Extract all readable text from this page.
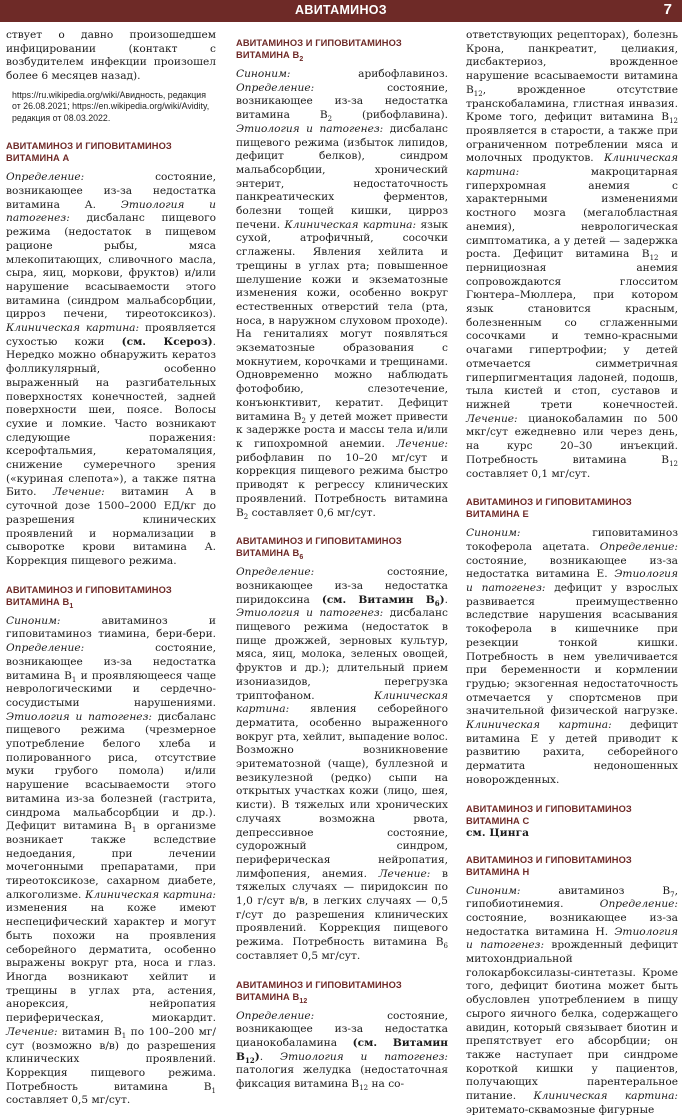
АВИТАМИНОЗ	7

ствует о давно произошедшем инфицировании (контакт с возбудителем инфекции произошел более 6 месяцев назад).

https://ru.wikipedia.org/wiki/Авидность, редакция от 26.08.2021; https://en.wikipedia.org/wiki/Avidity, редакция от 08.03.2022.

АВИТАМИНОЗ И ГИПОВИТАМИНОЗ ВИТАМИНА А

Определение: состояние, возникающее из-за недостатка витамина А. Этиология и патогенез: дисбаланс пищевого режима (недостаток в пищевом рационе рыбы, мяса млекопитающих, сливочного масла, сыра, яиц, моркови, фруктов) и/или нарушение всасываемости этого витамина (синдром мальабсорбции, цирроз печени, тиреотоксикоз). Клиническая картина: проявляется сухостью кожи (см. Ксероз). Нередко можно обнаружить кератоз фолликулярный, особенно выраженный на разгибательных поверхностях конечностей, задней поверхности шеи, поясе. Волосы сухие и ломкие. Часто возникают следующие поражения: ксерофтальмия, кератомаляция, снижение сумеречного зрения («куриная слепота»), а также пятна Бито. Лечение: витамин А в суточной дозе 1500–2000 ЕД/кг до разрешения клинических проявлений и нормализации в сыворотке крови витамина А. Коррекция пищевого режима.

АВИТАМИНОЗ И ГИПОВИТАМИНОЗ ВИТАМИНА $B_1$

Синоним: авитаминоз и гиповитаминоз тиамина, бери-бери. Определение: состояние, возникающее из-за недостатка витамина $B_1$ и проявляющееся чаще неврологическими и сердечно-сосудистыми нарушениями. Этиология и патогенез: дисбаланс пищевого режима (чрезмерное употребление белого хлеба и полированного риса, отсутствие муки грубого помола) и/или нарушение всасываемости этого витамина из-за болезней (гастрита, синдрома мальабсорбции и др.). Дефицит витамина $B_1$ в организме возникает также вследствие недоедания, при лечении мочегонными препаратами, при тиреотоксикозе, сахарном диабете, алкоголизме. Клиническая картина: изменения на коже имеют неспецифический характер и могут быть похожи на проявления себорейного дерматита, особенно выражены вокруг рта, носа и глаз. Иногда возникают хейлит и трещины в углах рта, астения, анорексия, нейропатия периферическая, миокардит. Лечение: витамин $B_1$ по 100–200 мг/сут (возможно в/в) до разрешения клинических проявлений. Коррекция пищевого режима. Потребность витамина $B_1$ составляет 0,5 мг/сут.

АВИТАМИНОЗ И ГИПОВИТАМИНОЗ ВИТАМИНА $B_2$

Синоним: арибофлавиноз. Определение: состояние, возникающее из-за недостатка витамина $B_2$ (рибофлавина). Этиология и патогенез: дисбаланс пищевого режима (избыток липидов, дефицит белков), синдром мальабсорбции, хронический энтерит, недостаточность панкреатических ферментов, болезни тощей кишки, цирроз печени. Клиническая картина: язык сухой, атрофичный, сосочки сглажены. Явления хейлита и трещины в углах рта; повышенное шелушение кожи и экзематозные изменения кожи, особенно вокруг естественных отверстий тела (рта, носа, в наружном слуховом проходе). На гениталиях могут появляться экзематозные образования с мокнутием, корочками и трещинами. Одновременно можно наблюдать фотофобию, слезотечение, конъюнктивит, кератит. Дефицит витамина $B_2$ у детей может привести к задержке роста и массы тела и/или к гипохромной анемии. Лечение: рибофлавин по 10–20 мг/сут и коррекция пищевого режима быстро приводят к регрессу клинических проявлений. Потребность витамина $B_2$ составляет 0,6 мг/сут.

АВИТАМИНОЗ И ГИПОВИТАМИНОЗ ВИТАМИНА $B_6$

Определение: состояние, возникающее из-за недостатка пиридоксина (см. Витамин $B_6$). Этиология и патогенез: дисбаланс пищевого режима (недостаток в пище дрожжей, зерновых культур, мяса, яиц, молока, зеленых овощей, фруктов и др.); длительный прием изониазидов, перегрузка триптофаном. Клиническая картина: явления себорейного дерматита, особенно выраженного вокруг рта, хейлит, выпадение волос. Возможно возникновение эритематозной (чаще), буллезной и везикулезной (редко) сыпи на открытых участках кожи (лицо, шея, кисти). В тяжелых или хронических случаях возможна рвота, депрессивное состояние, судорожный синдром, периферическая нейропатия, лимфопения, анемия. Лечение: в тяжелых случаях — пиридоксин по 1,0 г/сут в/в, в легких случаях — 0,5 г/сут до разрешения клинических проявлений. Коррекция пищевого режима. Потребность витамина $B_6$ составляет 0,5 мг/сут.

АВИТАМИНОЗ И ГИПОВИТАМИНОЗ
ВИТАМИНА $B_{12}$

Определение: состояние, возникающее из-за недостатка цианокобаламина (см. Витамин $B_{12}$). Этиология и патогенез: патология желудка (недостаточная фиксация витамина $B_{12}$ на со-

ответствующих рецепторах), болезнь Крона, панкреатит, целиакия, дисбактериоз, врожденное нарушение всасываемости витамина $B_{12}$, врожденное отсутствие транскобаламина, глистная инвазия. Кроме того, дефицит витамина $B_{12}$ проявляется в старости, а также при ограниченном потреблении мяса и молочных продуктов. Клиническая картина: макроцитарная гиперхромная анемия с характерными изменениями костного мозга (мегалобластная анемия), неврологическая симптоматика, а у детей — задержка роста. Дефицит витамина $B_{12}$ и пернициозная анемия сопровождаются глосситом Гюнтера–Мюллера, при котором язык становится красным, болезненным со сглаженными сосочками и темно-красными очагами гипертрофии; у детей отмечается симметричная гиперпигментация ладоней, подошв, тыла кистей и стоп, суставов и нижней трети конечностей. Лечение: цианокобаламин по 500 мкг/сут ежедневно или через день, на курс 20–30 инъекций. Потребность витамина $B_{12}$ составляет 0,1 мг/сут.

АВИТАМИНОЗ И ГИПОВИТАМИНОЗ ВИТАМИНА E

Синоним: гиповитаминоз токоферола ацетата. Определение: состояние, возникающее из-за недостатка витамина Е. Этиология и патогенез: дефицит у взрослых развивается преимущественно вследствие нарушения всасывания токоферола в кишечнике при резекции тонкой кишки. Потребность в нем увеличивается при беременности и кормлении грудью; экзогенная недостаточность отмечается у спортсменов при значительной физической нагрузке. Клиническая картина: дефицит витамина Е у детей приводит к развитию рахита, себорейного дерматита недоношенных новорожденных.

АВИТАМИНОЗ И ГИПОВИТАМИНОЗ ВИТАМИНА C
см. Цинга
АВИТАМИНОЗ И ГИПОВИТАМИНОЗ ВИТАМИНА H

Синоним: авитаминоз $B_7$, гипобиотинемия. Определение: состояние, возникающее из-за недостатка витамина H. Этиология и патогенез: врожденный дефицит митохондриальной голокарбоксилазы-синтетазы. Кроме того, дефицит биотина может быть обусловлен употреблением в пищу сырого яичного белка, содержащего авидин, который связывает биотин и препятствует его абсорбции; он также наступает при синдроме короткой кишки у пациентов, получающих парентеральное питание. Клиническая картина: эритемато-сквамозные фигурные
